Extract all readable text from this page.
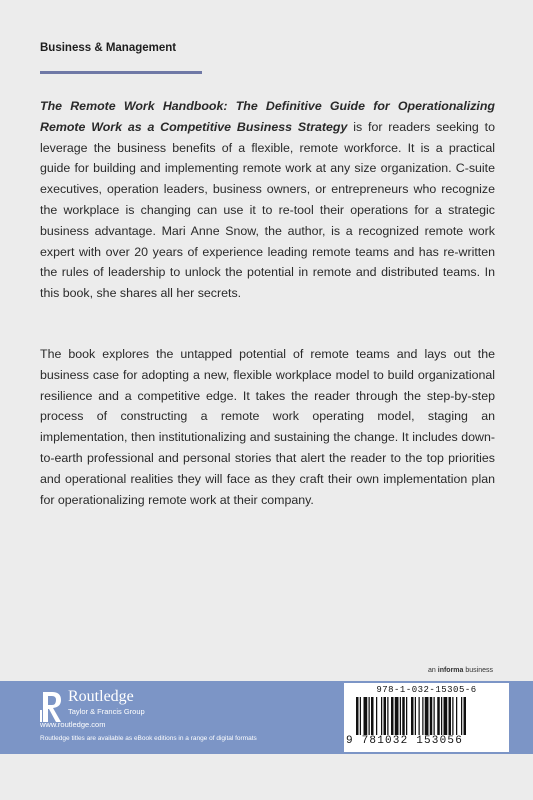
Business & Management

The Remote Work Handbook: The Definitive Guide for Operationalizing Remote Work as a Competitive Business Strategy is for readers seeking to leverage the business benefits of a flexible, remote workforce. It is a practical guide for building and implementing remote work at any size organization. C-suite executives, operation leaders, business owners, or entrepreneurs who recognize the workplace is changing can use it to re-tool their operations for a strategic business advantage. Mari Anne Snow, the author, is a recognized remote work expert with over 20 years of experience leading remote teams and has re-written the rules of leadership to unlock the potential in remote and distributed teams. In this book, she shares all her secrets.

The book explores the untapped potential of remote teams and lays out the business case for adopting a new, flexible workplace model to build organizational resilience and a competitive edge. It takes the reader through the step-by-step process of constructing a remote work operating model, staging an implementation, then institutionalizing and sustaining the change. It includes down-to-earth professional and personal stories that alert the reader to the top priorities and operational realities they will face as they craft their own implementation plan for operationalizing remote work at their company.

an informa business
Routledge
Taylor & Francis Group
www.routledge.com
Routledge titles are available as eBook editions in a range of digital formats
978-1-032-15305-6
9 781032 153056
